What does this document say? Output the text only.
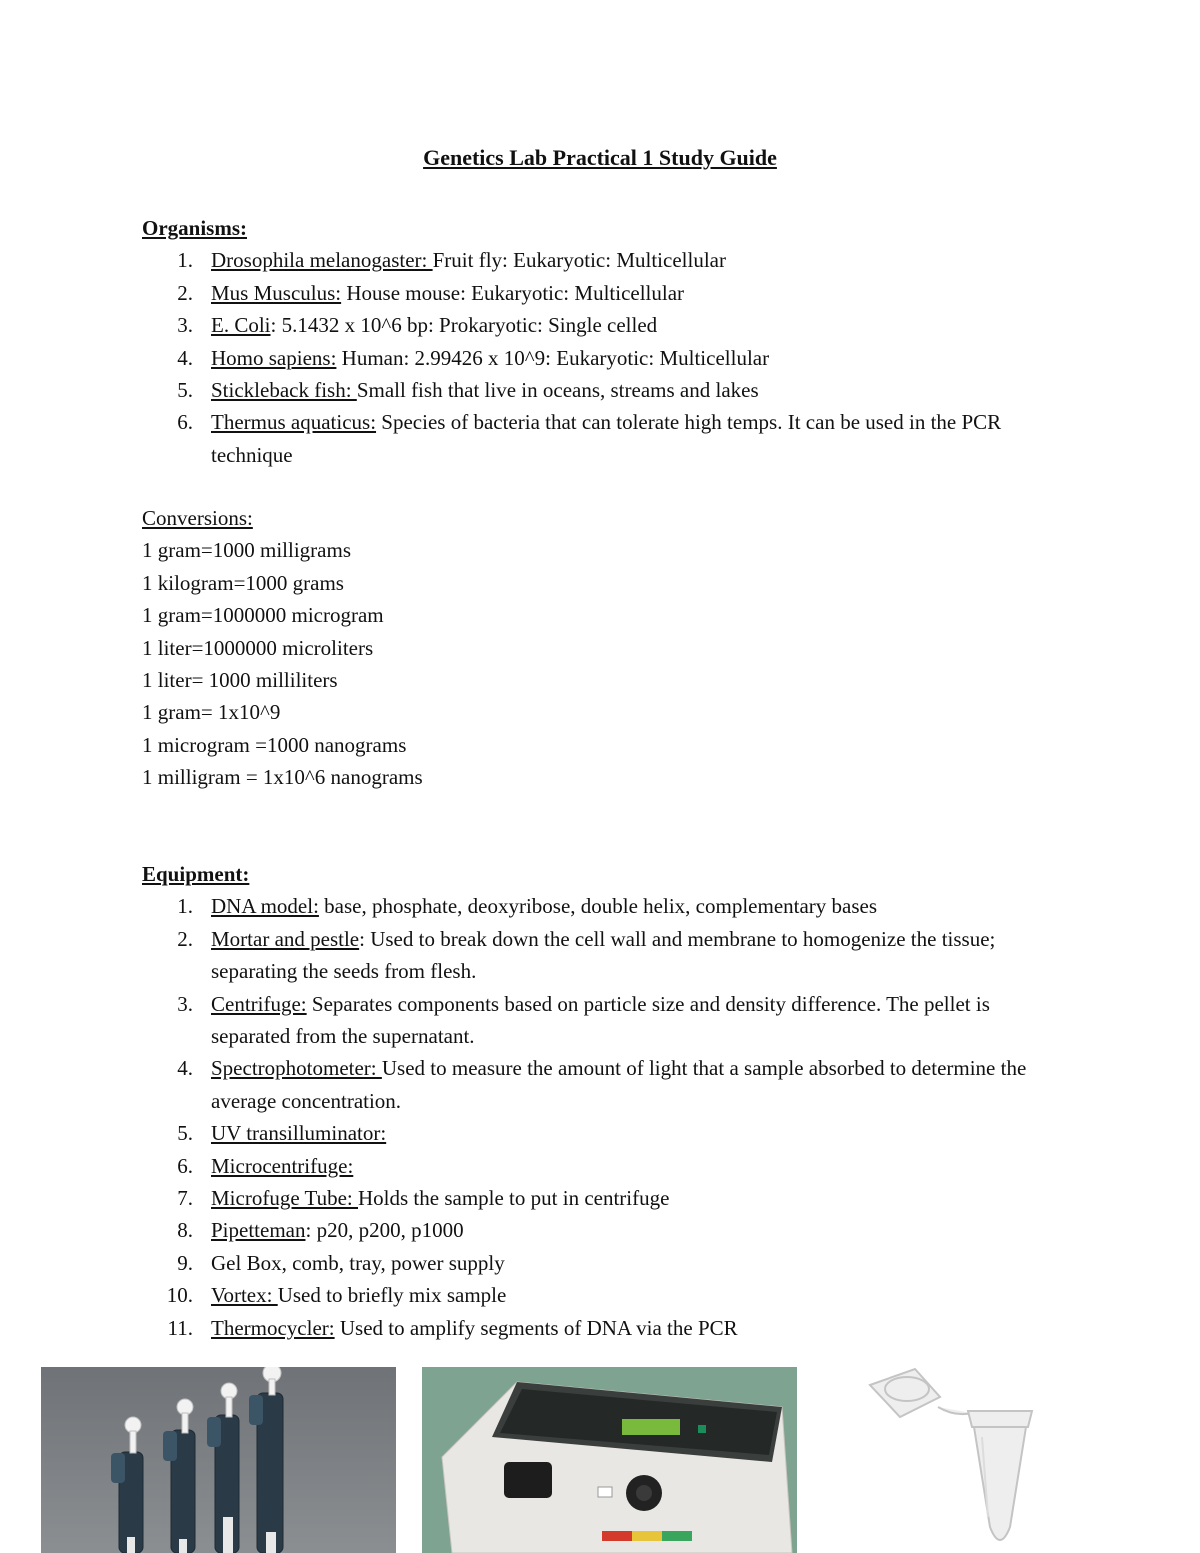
Genetics Lab Practical 1 Study Guide
Organisms:
1. Drosophila melanogaster: Fruit fly: Eukaryotic: Multicellular
2. Mus Musculus: House mouse: Eukaryotic: Multicellular
3. E. Coli: 5.1432 x 10^6 bp: Prokaryotic: Single celled
4. Homo sapiens: Human: 2.99426 x 10^9: Eukaryotic: Multicellular
5. Stickleback fish: Small fish that live in oceans, streams and lakes
6. Thermus aquaticus: Species of bacteria that can tolerate high temps. It can be used in the PCR technique
Conversions:
1 gram=1000 milligrams
1 kilogram=1000 grams
1 gram=1000000 microgram
1 liter=1000000 microliters
1 liter= 1000 milliliters
1 gram= 1x10^9
1 microgram =1000 nanograms
1 milligram = 1x10^6 nanograms
Equipment:
1. DNA model: base, phosphate, deoxyribose, double helix, complementary bases
2. Mortar and pestle: Used to break down the cell wall and membrane to homogenize the tissue; separating the seeds from flesh.
3. Centrifuge: Separates components based on particle size and density difference. The pellet is separated from the supernatant.
4. Spectrophotometer: Used to measure the amount of light that a sample absorbed to determine the average concentration.
5. UV transilluminator:
6. Microcentrifuge:
7. Microfuge Tube: Holds the sample to put in centrifuge
8. Pipetteman: p20, p200, p1000
9. Gel Box, comb, tray, power supply
10. Vortex: Used to briefly mix sample
11. Thermocycler: Used to amplify segments of DNA via the PCR
